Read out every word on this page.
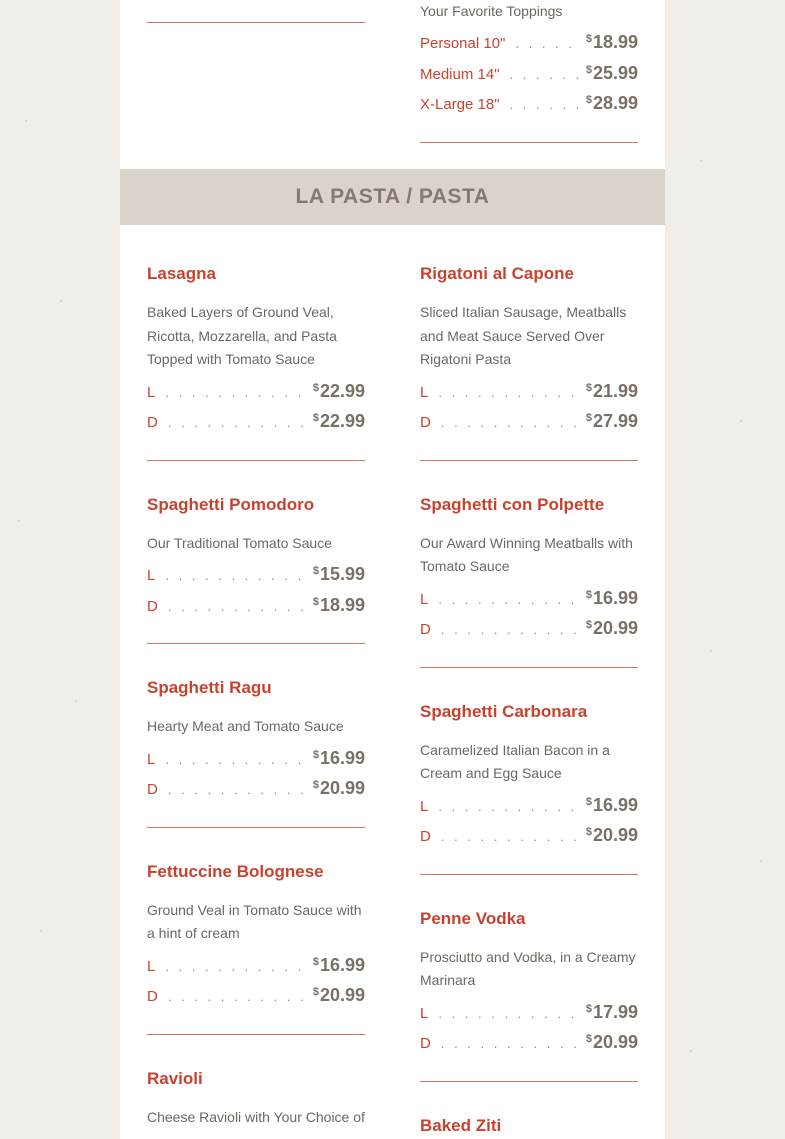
Your Favorite Toppings
Personal 10" . . .	$18.99
Medium 14" . . .	$25.99
X-Large 18" . . .	$28.99
LA PASTA / PASTA
Lasagna
Baked Layers of Ground Veal, Ricotta, Mozzarella, and Pasta Topped with Tomato Sauce
L . . .	$22.99
D . . .	$22.99
Spaghetti Pomodoro
Our Traditional Tomato Sauce
L . . .	$15.99
D . . .	$18.99
Spaghetti Ragu
Hearty Meat and Tomato Sauce
L . . .	$16.99
D . . .	$20.99
Fettuccine Bolognese
Ground Veal in Tomato Sauce with a hint of cream
L . . .	$16.99
D . . .	$20.99
Ravioli
Cheese Ravioli with Your Choice of
Rigatoni al Capone
Sliced Italian Sausage, Meatballs and Meat Sauce Served Over Rigatoni Pasta
L . . .	$21.99
D . . .	$27.99
Spaghetti con Polpette
Our Award Winning Meatballs with Tomato Sauce
L . . .	$16.99
D . . .	$20.99
Spaghetti Carbonara
Caramelized Italian Bacon in a Cream and Egg Sauce
L . . .	$16.99
D . . .	$20.99
Penne Vodka
Prosciutto and Vodka, in a Creamy Marinara
L . . .	$17.99
D . . .	$20.99
Baked Ziti
